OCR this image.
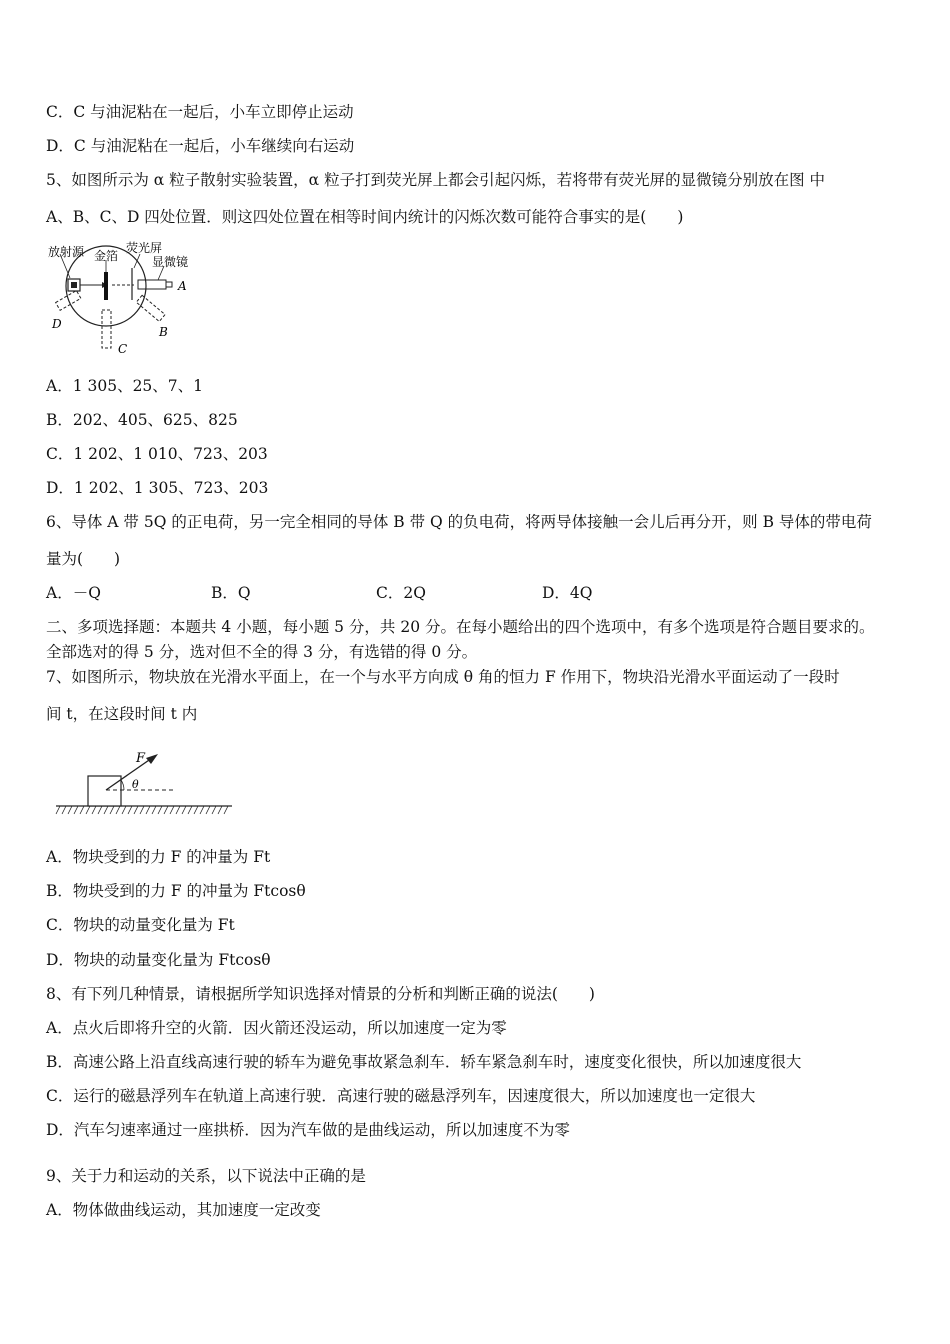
C．C 与油泥粘在一起后，小车立即停止运动
D．C 与油泥粘在一起后，小车继续向右运动
5、如图所示为 α 粒子散射实验装置，α 粒子打到荧光屏上都会引起闪烁，若将带有荧光屏的显微镜分别放在图 中
A、B、C、D 四处位置．则这四处位置在相等时间内统计的闪烁次数可能符合事实的是(　　)
放射源 金箔
荧光屏
显微镜
A
B
C
D
A．1 305、25、7、1
B．202、405、625、825
C．1 202、1 010、723、203
D．1 202、1 305、723、203
6、导体 A 带 5Q 的正电荷，另一完全相同的导体 B 带 Q 的负电荷，将两导体接触一会儿后再分开，则 B 导体的带电荷
量为(　　)
A．－Q	B．Q	C．2Q	D．4Q
二、多项选择题：本题共 4 小题，每小题 5 分，共 20 分。在每小题给出的四个选项中，有多个选项是符合题目要求的。
全部选对的得 5 分，选对但不全的得 3 分，有选错的得 0 分。
7、如图所示，物块放在光滑水平面上，在一个与水平方向成 θ 角的恒力 F 作用下，物块沿光滑水平面运动了一段时
间 t，在这段时间 t 内
F
θ
A．物块受到的力 F 的冲量为 Ft
B．物块受到的力 F 的冲量为 Ftcosθ
C．物块的动量变化量为 Ft
D．物块的动量变化量为 Ftcosθ
8、有下列几种情景，请根据所学知识选择对情景的分析和判断正确的说法(　　)
A．点火后即将升空的火箭．因火箭还没运动，所以加速度一定为零
B．高速公路上沿直线高速行驶的轿车为避免事故紧急刹车．轿车紧急刹车时，速度变化很快，所以加速度很大
C．运行的磁悬浮列车在轨道上高速行驶．高速行驶的磁悬浮列车，因速度很大，所以加速度也一定很大
D．汽车匀速率通过一座拱桥．因为汽车做的是曲线运动，所以加速度不为零
9、关于力和运动的关系，以下说法中正确的是
A．物体做曲线运动，其加速度一定改变
